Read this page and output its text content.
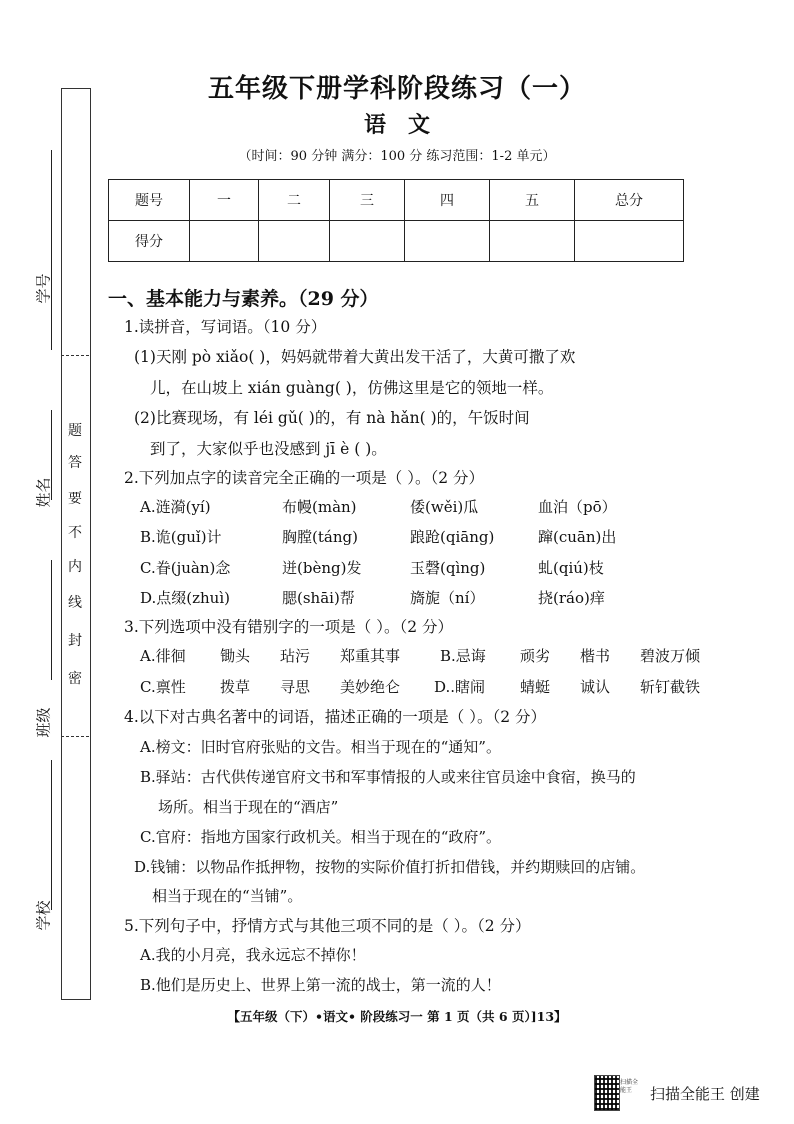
学号
姓名
班级
学校
密
封
线
内
不
要
答
题
五年级下册学科阶段练习（一）
语文
（时间：90 分钟 满分：100 分 练习范围：1-2 单元）
题号	一	二	三	四	五	总分
得分						
一、基本能力与素养。（29 分）
1.读拼音，写词语。（10 分）
(1)天刚 pò xiǎo( )，妈妈就带着大黄出发干活了，大黄可撒了欢
儿，在山坡上 xián guàng( )，仿佛这里是它的领地一样。
(2)比赛现场，有 léi gǔ( )的，有 nà hǎn( )的，午饭时间
到了，大家似乎也没感到 jī è ( )。
2.下列加点字的读音完全正确的一项是（ ）。（2 分）
A.涟漪(yí)	布幔(màn)	倭(wěi)瓜	血泊（pō）
B.诡(guǐ)计	胸膛(táng)	踉跄(qiāng)	蹿(cuān)出
C.眷(juàn)念	迸(bèng)发	玉磬(qìng)	虬(qiú)枝
D.点缀(zhuì)	腮(shāi)帮	旖旎（ní）	挠(ráo)痒
3.下列选项中没有错别字的一项是（ ）。（2 分）
A.徘徊 锄头 玷污 郑重其事	B.忌诲 顽劣 楷书 碧波万倾
C.禀性 拨草 寻思 美妙绝仑 D..瞎闹 蜻蜓 诚认 斩钉截铁
4.以下对古典名著中的词语，描述正确的一项是（ ）。（2 分）
A.榜文：旧时官府张贴的文告。相当于现在的“通知”。
B.驿站：古代供传递官府文书和军事情报的人或来往官员途中食宿，换马的
场所。相当于现在的“酒店”
C.官府：指地方国家行政机关。相当于现在的“政府”。
D.钱铺：以物品作抵押物，按物的实际价值打折扣借钱，并约期赎回的店铺。
相当于现在的“当铺”。
5.下列句子中，抒情方式与其他三项不同的是（ ）。（2 分）
A.我的小月亮，我永远忘不掉你！
B.他们是历史上、世界上第一流的战士，第一流的人！
【五年级（下）•语文• 阶段练习一 第 1 页（共 6 页）]13】
扫描全能王	扫描全能王 创建
